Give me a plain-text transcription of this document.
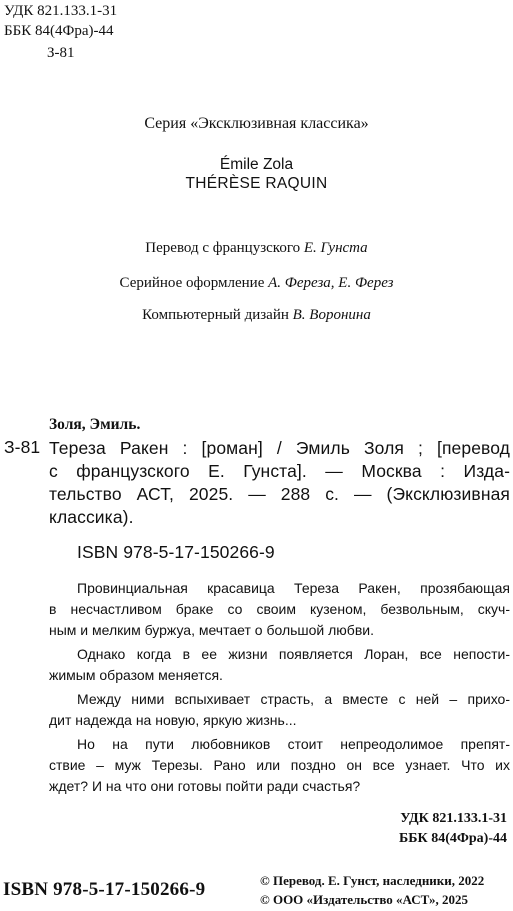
УДК 821.133.1-31
ББК 84(4Фра)-44
З-81
Серия «Эксклюзивная классика»
Émile Zola
THÉRÈSE RAQUIN
Перевод с французского Е. Гунста
Серийное оформление А. Фереза, Е. Ферез
Компьютерный дизайн В. Воронина
Золя, Эмиль.
З-81 Тереза Ракен : [роман] / Эмиль Золя ; [перевод
с французского Е. Гунста]. — Москва : Изда-
тельство АСТ, 2025. — 288 с. — (Эксклюзивная
классика).
ISBN 978-5-17-150266-9
Провинциальная красавица Тереза Ракен, прозябающая
в несчастливом браке со своим кузеном, безвольным, скуч-
ным и мелким буржуа, мечтает о большой любви.
Однако когда в ее жизни появляется Лоран, все непости-
жимым образом меняется.
Между ними вспыхивает страсть, а вместе с ней – прихо-
дит надежда на новую, яркую жизнь...
Но на пути любовников стоит непреодолимое препят-
ствие – муж Терезы. Рано или поздно он все узнает. Что их
ждет? И на что они готовы пойти ради счастья?
УДК 821.133.1-31
ББК 84(4Фра)-44
ISBN 978-5-17-150266-9	© Перевод. Е. Гунст, наследники, 2022
© ООО «Издательство «АСТ», 2025
